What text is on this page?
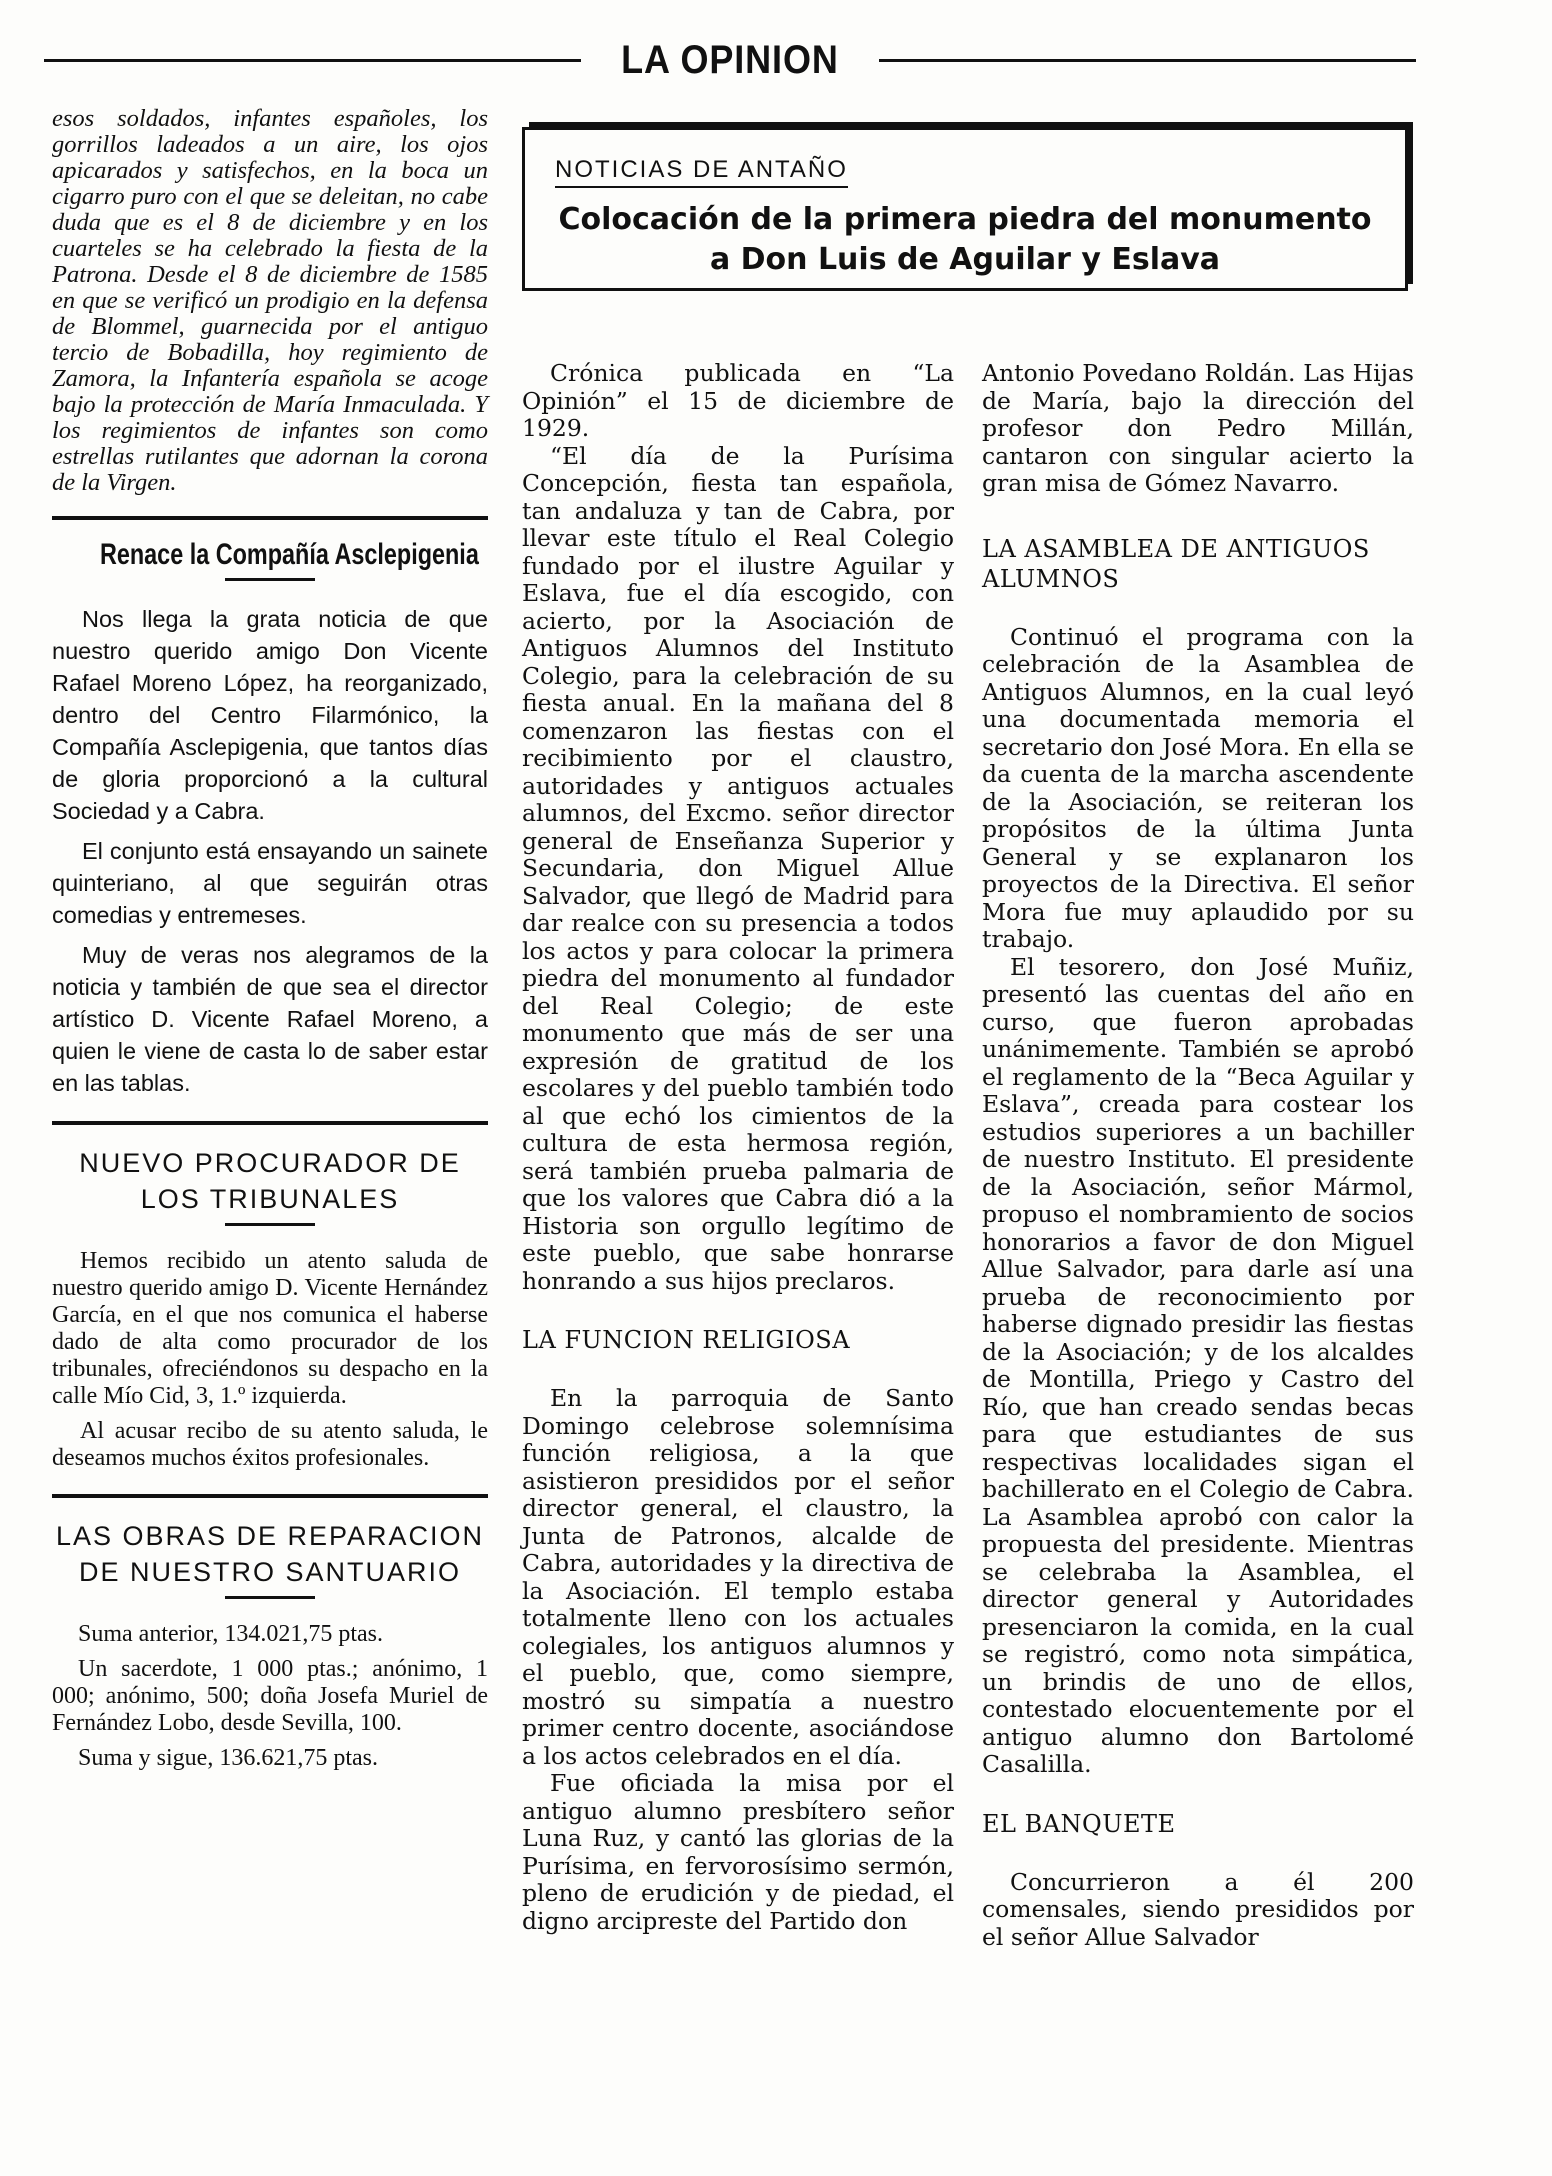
LA OPINION

esos soldados, infantes españoles, los gorrillos ladeados a un aire, los ojos apicarados y satisfechos, en la boca un cigarro puro con el que se deleitan, no cabe duda que es el 8 de diciembre y en los cuarteles se ha celebrado la fiesta de la Patrona. Desde el 8 de diciembre de 1585 en que se verificó un prodigio en la defensa de Blommel, guarnecida por el antiguo tercio de Bobadilla, hoy regimiento de Zamora, la Infantería española se acoge bajo la protección de María Inmaculada. Y los regimientos de infantes son como estrellas rutilantes que adornan la corona de la Virgen.

Renace la Compañía Asclepigenia

Nos llega la grata noticia de que nuestro querido amigo Don Vicente Rafael Moreno López, ha reorganizado, dentro del Centro Filarmónico, la Compañía Asclepigenia, que tantos días de gloria proporcionó a la cultural Sociedad y a Cabra.

El conjunto está ensayando un sainete quinteriano, al que seguirán otras comedias y entremeses.

Muy de veras nos alegramos de la noticia y también de que sea el director artístico D. Vicente Rafael Moreno, a quien le viene de casta lo de saber estar en las tablas.

NUEVO PROCURADOR DE LOS TRIBUNALES

Hemos recibido un atento saluda de nuestro querido amigo D. Vicente Hernández García, en el que nos comunica el haberse dado de alta como procurador de los tribunales, ofreciéndonos su despacho en la calle Mío Cid, 3, 1.º izquierda.

Al acusar recibo de su atento saluda, le deseamos muchos éxitos profesionales.

LAS OBRAS DE REPARACION DE NUESTRO SANTUARIO

Suma anterior, 134.021,75 ptas.

Un sacerdote, 1 000 ptas.; anónimo, 1 000; anónimo, 500; doña Josefa Muriel de Fernández Lobo, desde Sevilla, 100.

Suma y sigue, 136.621,75 ptas.

NOTICIAS DE ANTAÑO
Colocación de la primera piedra del monumento a Don Luis de Aguilar y Eslava

Crónica publicada en “La Opinión” el 15 de diciembre de 1929.

“El día de la Purísima Concepción, fiesta tan española, tan andaluza y tan de Cabra, por llevar este título el Real Colegio fundado por el ilustre Aguilar y Eslava, fue el día escogido, con acierto, por la Asociación de Antiguos Alumnos del Instituto Colegio, para la celebración de su fiesta anual. En la mañana del 8 comenzaron las fiestas con el recibimiento por el claustro, autoridades y antiguos actuales alumnos, del Excmo. señor director general de Enseñanza Superior y Secundaria, don Miguel Allue Salvador, que llegó de Madrid para dar realce con su presencia a todos los actos y para colocar la primera piedra del monumento al fundador del Real Colegio; de este monumento que más de ser una expresión de gratitud de los escolares y del pueblo también todo al que echó los cimientos de la cultura de esta hermosa región, será también prueba palmaria de que los valores que Cabra dió a la Historia son orgullo legítimo de este pueblo, que sabe honrarse honrando a sus hijos preclaros.

LA FUNCION RELIGIOSA

En la parroquia de Santo Domingo celebrose solemnísima función religiosa, a la que asistieron presididos por el señor director general, el claustro, la Junta de Patronos, alcalde de Cabra, autoridades y la directiva de la Asociación. El templo estaba totalmente lleno con los actuales colegiales, los antiguos alumnos y el pueblo, que, como siempre, mostró su simpatía a nuestro primer centro docente, asociándose a los actos celebrados en el día.

Fue oficiada la misa por el antiguo alumno presbítero señor Luna Ruz, y cantó las glorias de la Purísima, en fervorosísimo sermón, pleno de erudición y de piedad, el digno arcipreste del Partido don

Antonio Povedano Roldán. Las Hijas de María, bajo la dirección del profesor don Pedro Millán, cantaron con singular acierto la gran misa de Gómez Navarro.

LA ASAMBLEA DE ANTIGUOS ALUMNOS

Continuó el programa con la celebración de la Asamblea de Antiguos Alumnos, en la cual leyó una documentada memoria el secretario don José Mora. En ella se da cuenta de la marcha ascendente de la Asociación, se reiteran los propósitos de la última Junta General y se explanaron los proyectos de la Directiva. El señor Mora fue muy aplaudido por su trabajo.

El tesorero, don José Muñiz, presentó las cuentas del año en curso, que fueron aprobadas unánimemente. También se aprobó el reglamento de la “Beca Aguilar y Eslava”, creada para costear los estudios superiores a un bachiller de nuestro Instituto. El presidente de la Asociación, señor Mármol, propuso el nombramiento de socios honorarios a favor de don Miguel Allue Salvador, para darle así una prueba de reconocimiento por haberse dignado presidir las fiestas de la Asociación; y de los alcaldes de Montilla, Priego y Castro del Río, que han creado sendas becas para que estudiantes de sus respectivas localidades sigan el bachillerato en el Colegio de Cabra. La Asamblea aprobó con calor la propuesta del presidente. Mientras se celebraba la Asamblea, el director general y Autoridades presenciaron la comida, en la cual se registró, como nota simpática, un brindis de uno de ellos, contestado elocuentemente por el antiguo alumno don Bartolomé Casalilla.

EL BANQUETE

Concurrieron a él 200 comensales, siendo presididos por el señor Allue Salvador
